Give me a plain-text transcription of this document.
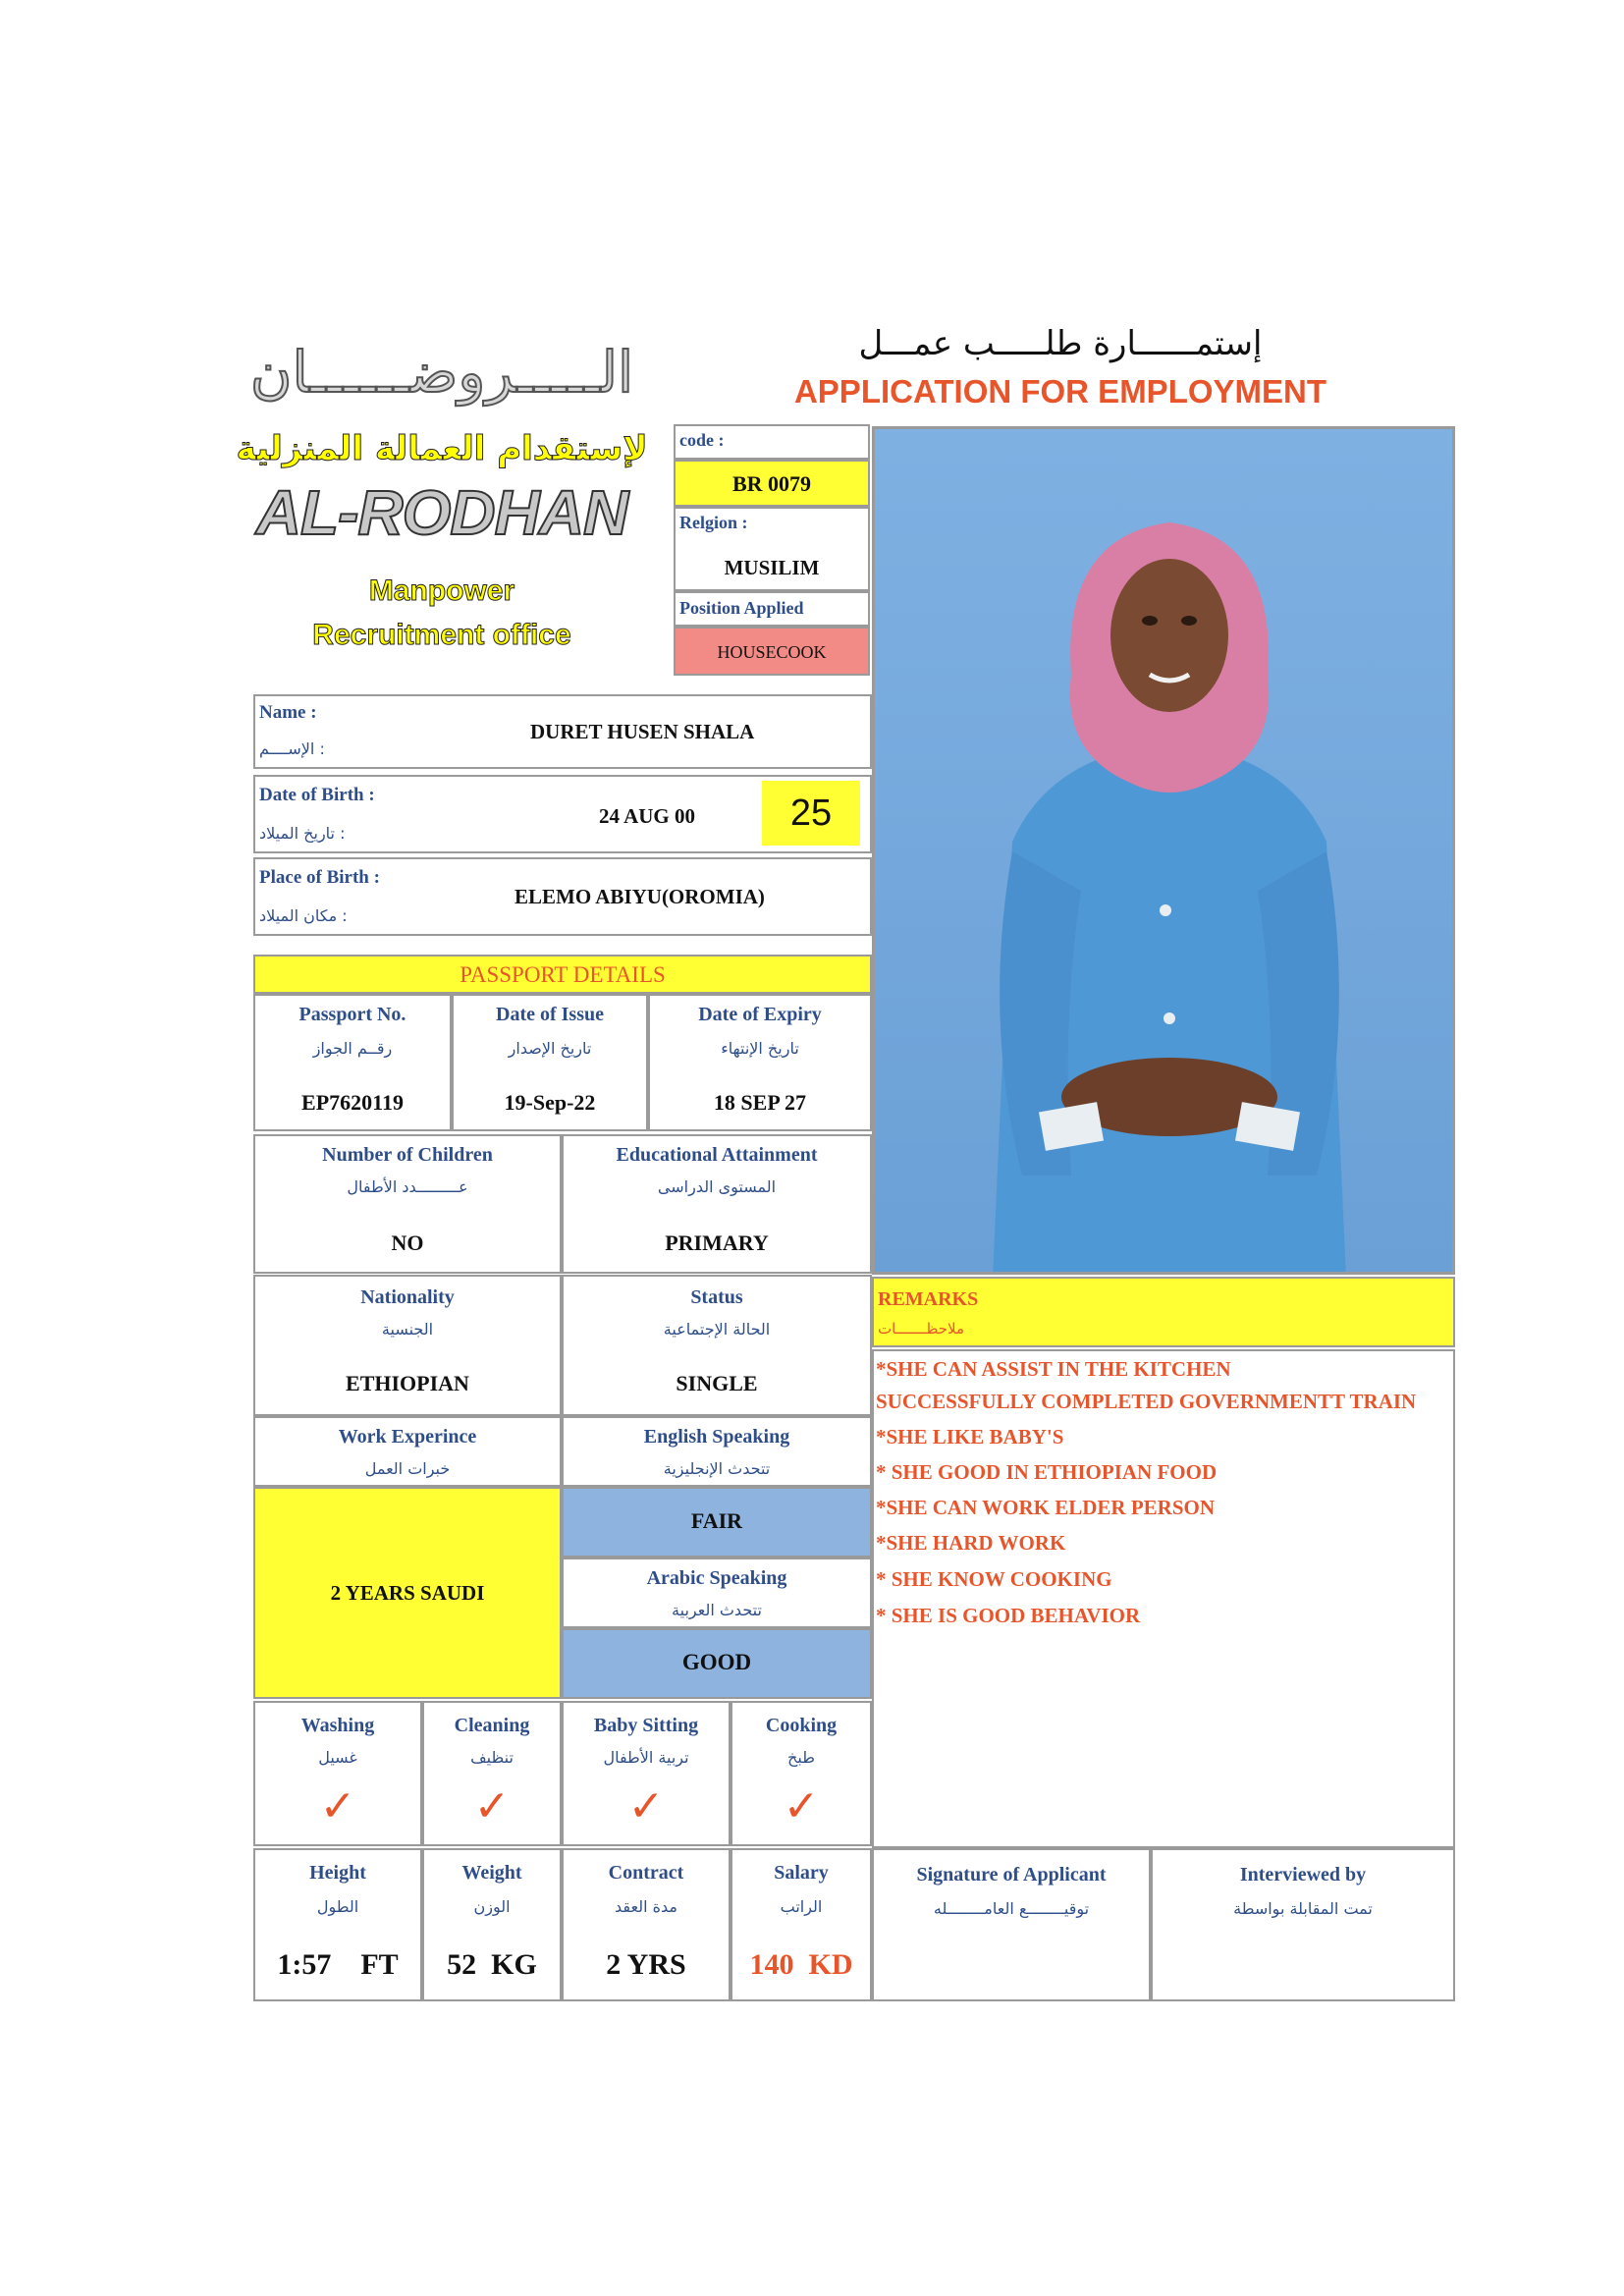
الـــــروضــــــان
لإستقدام العمالة المنزلية
AL-RODHAN
Manpower
Recruitment office
إستمــــــارة طلـــــب عمـــل
APPLICATION FOR EMPLOYMENT
code :
BR 0079
Relgion :
MUSILIM
Position Applied
HOUSECOOK
Name :
الإســــم :
DURET HUSEN SHALA
Date of Birth :
تاريخ الميلاد :
24 AUG 00	25
Place of Birth :
مكان الميلاد :
ELEMO ABIYU(OROMIA)
PASSPORT DETAILS
Passport No.
رقــم الجواز
EP7620119
Date of Issue
تاريخ الإصدار
19-Sep-22
Date of Expiry
تاريخ الإنتهاء
18 SEP 27
Number of Children
عـــــــــدد الأطفال
NO
Educational Attainment
المستوى الدراسى
PRIMARY
Nationality
الجنسية
ETHIOPIAN
Status
الحالة الإجتماعية
SINGLE
Work Experince
خبرات العمل
2 YEARS SAUDI
English Speaking
تتحدث الإنجليزية
FAIR
Arabic Speaking
تتحدث العربية
GOOD
Washing
غسيل
✓
Cleaning
تنظيف
✓
Baby Sitting
تربية الأطفال
✓
Cooking
طبخ
✓
Height
الطول
1:57    FT
Weight
الوزن
52  KG
Contract
مدة العقد
2 YRS
Salary
الراتب
140  KD
Signature of Applicant
توقيــــــــع العامــــــــله
Interviewed by
تمت المقابلة بواسطة
REMARKS
ملاحظـــــــات
*SHE CAN ASSIST IN THE KITCHEN
SUCCESSFULLY COMPLETED GOVERNMENTT TRAIN
*SHE LIKE BABY'S
* SHE GOOD IN ETHIOPIAN FOOD
*SHE CAN WORK ELDER PERSON
*SHE HARD WORK
* SHE KNOW COOKING
* SHE IS GOOD BEHAVIOR
